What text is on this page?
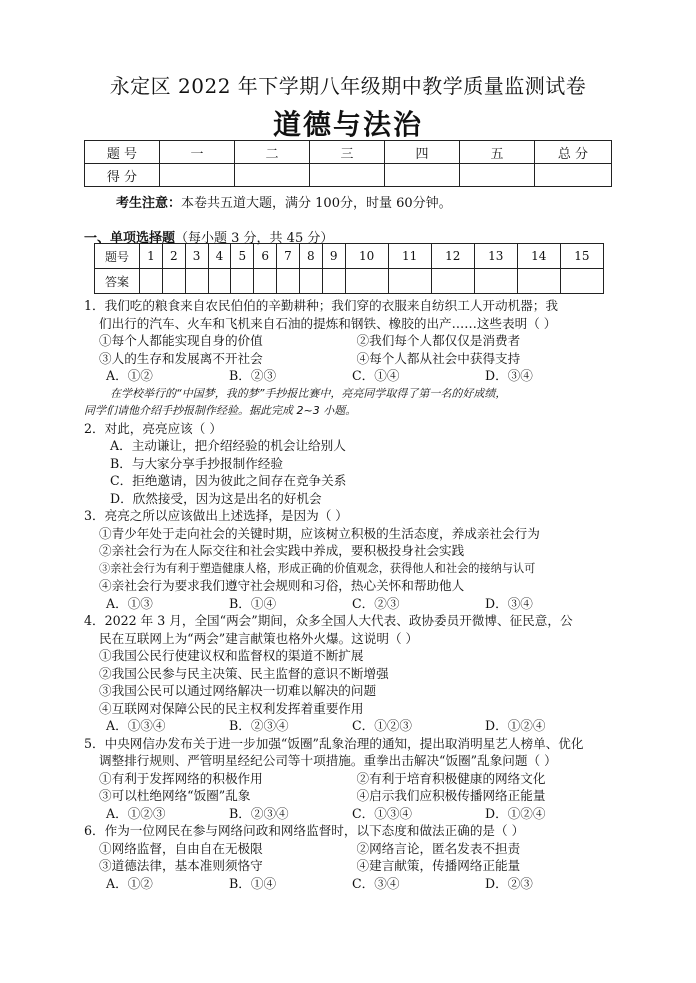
永定区 2022 年下学期八年级期中教学质量监测试卷
道德与法治
题 号	一	二	三	四	五	总 分
得 分						
考生注意：本卷共五道大题，满分 100分，时量 60分钟。
一、单项选择题（每小题 3 分，共 45 分）
题号	1	2	3	4	5	6	7	8	9	10	11	12	13	14	15
答案															

1．我们吃的粮食来自农民伯伯的辛勤耕种；我们穿的衣服来自纺织工人开动机器；我

们出行的汽车、火车和飞机来自石油的提炼和钢铁、橡胶的出产……这些表明（ ）

①每个人都能实现自身的价值	②我们每个人都仅仅是消费者
③人的生存和发展离不开社会	④每个人都从社会中获得支持
A．①②	B．②③	C．①④	D．③④

在学校举行的“中国梦，我的梦”手抄报比赛中，亮亮同学取得了第一名的好成绩，

同学们请他介绍手抄报制作经验。据此完成 2~3 小题。

2．对此，亮亮应该（ ）

A．主动谦让，把介绍经验的机会让给别人

B．与大家分享手抄报制作经验

C．拒绝邀请，因为彼此之间存在竞争关系

D．欣然接受，因为这是出名的好机会

3．亮亮之所以应该做出上述选择，是因为（ ）

①青少年处于走向社会的关键时期，应该树立积极的生活态度，养成亲社会行为

②亲社会行为在人际交往和社会实践中养成，要积极投身社会实践

③亲社会行为有利于塑造健康人格，形成正确的价值观念，获得他人和社会的接纳与认可

④亲社会行为要求我们遵守社会规则和习俗，热心关怀和帮助他人

A．①③	B．①④	C．②③	D．③④

4．2022 年 3 月，全国“两会”期间，众多全国人大代表、政协委员开微博、征民意，公

民在互联网上为“两会”建言献策也格外火爆。这说明（ ）

①我国公民行使建议权和监督权的渠道不断扩展

②我国公民参与民主决策、民主监督的意识不断增强

③我国公民可以通过网络解决一切难以解决的问题

④互联网对保障公民的民主权利发挥着重要作用

A．①③④	B．②③④	C．①②③	D．①②④

5．中央网信办发布关于进一步加强“饭圈”乱象治理的通知，提出取消明星艺人榜单、优化

调整排行规则、严管明星经纪公司等十项措施。重拳出击解决“饭圈”乱象问题（ ）

①有利于发挥网络的积极作用	②有利于培育积极健康的网络文化
③可以杜绝网络“饭圈”乱象	④启示我们应积极传播网络正能量
A．①②③	B．②③④	C．①③④	D．①②④

6．作为一位网民在参与网络问政和网络监督时，以下态度和做法正确的是（ ）

①网络监督，自由自在无极限	②网络言论，匿名发表不担责
③道德法律，基本准则须恪守	④建言献策，传播网络正能量
A．①②	B．①④	C．③④	D．②③
